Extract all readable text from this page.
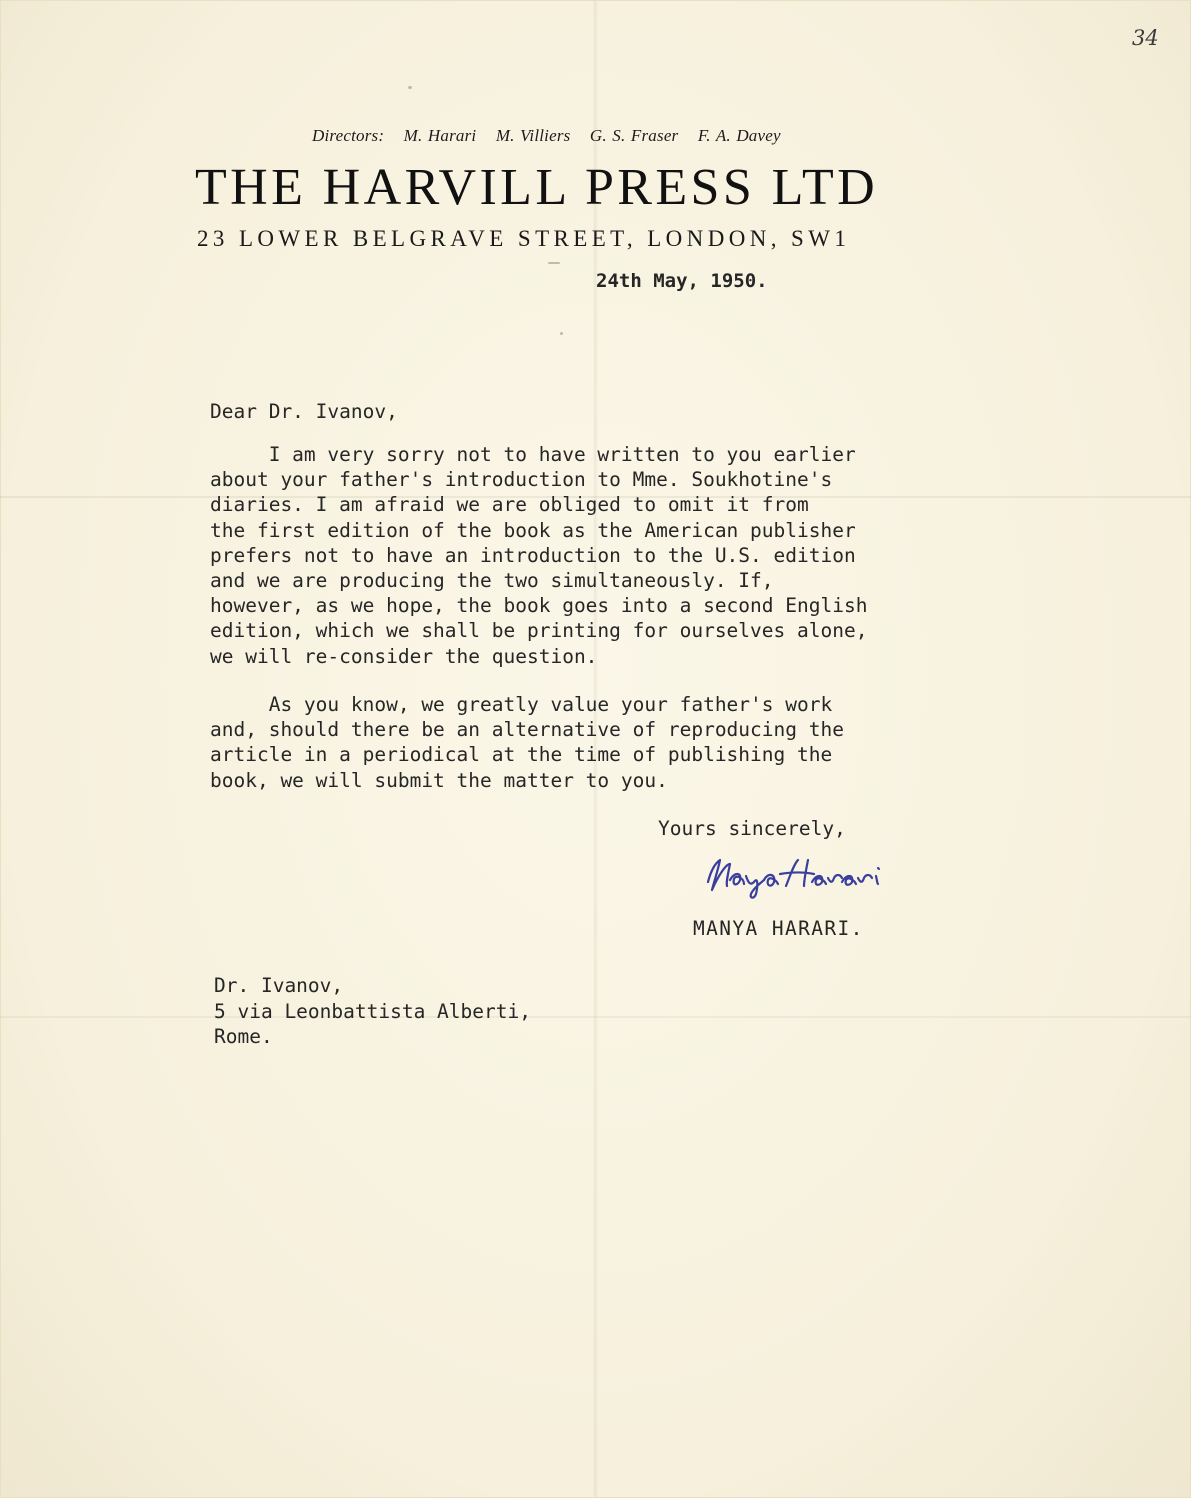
34
Directors: M. Harari M. Villiers G. S. Fraser F. A. Davey
THE HARVILL PRESS LTD
23 LOWER BELGRAVE STREET, LONDON, SW1
24th May, 1950.
Dear Dr. Ivanov,
I am very sorry not to have written to you earlier
about your father's introduction to Mme. Soukhotine's
diaries. I am afraid we are obliged to omit it from
the first edition of the book as the American publisher
prefers not to have an introduction to the U.S. edition
and we are producing the two simultaneously. If,
however, as we hope, the book goes into a second English
edition, which we shall be printing for ourselves alone,
we will re-consider the question.
As you know, we greatly value your father's work
and, should there be an alternative of reproducing the
article in a periodical at the time of publishing the
book, we will submit the matter to you.
Yours sincerely,
MANYA HARARI.
Dr. Ivanov,
5 via Leonbattista Alberti,
Rome.
